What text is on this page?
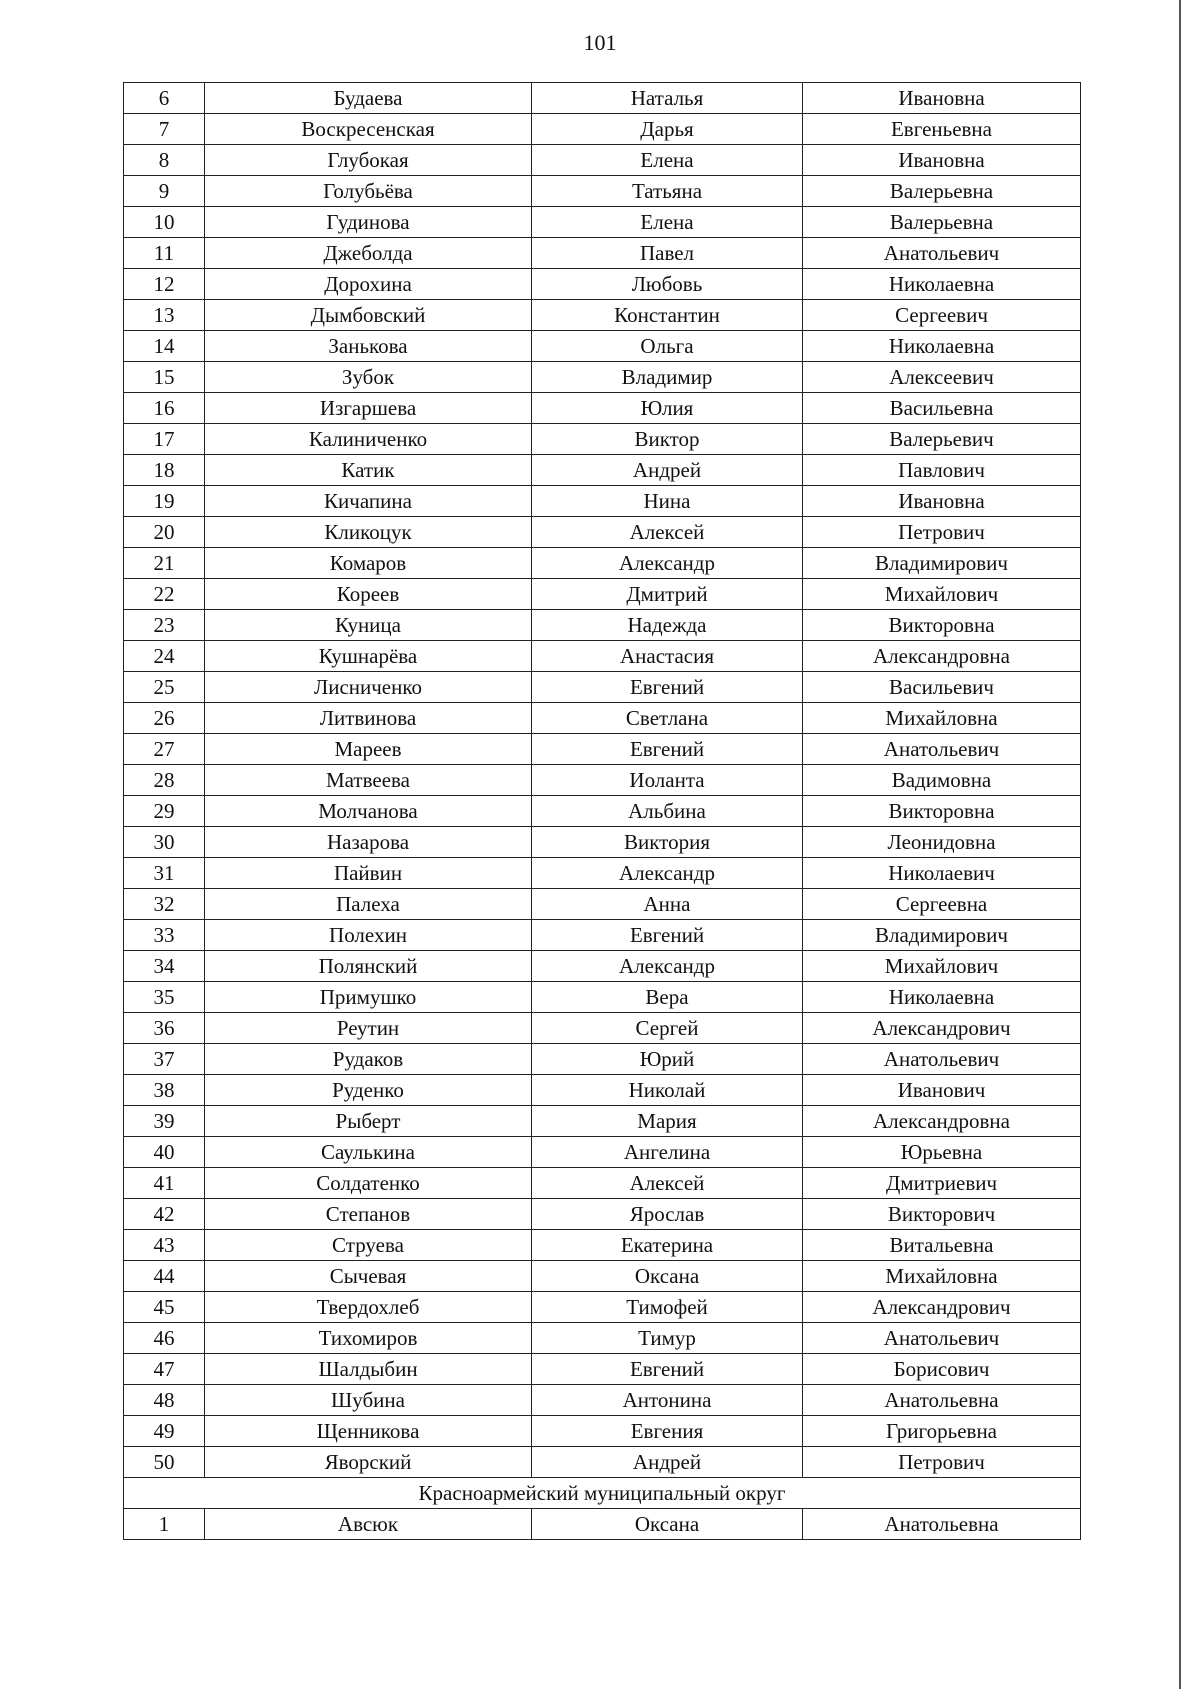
101
6	Будаева	Наталья	Ивановна
7	Воскресенская	Дарья	Евгеньевна
8	Глубокая	Елена	Ивановна
9	Голубьёва	Татьяна	Валерьевна
10	Гудинова	Елена	Валерьевна
11	Джеболда	Павел	Анатольевич
12	Дорохина	Любовь	Николаевна
13	Дымбовский	Константин	Сергеевич
14	Занькова	Ольга	Николаевна
15	Зубок	Владимир	Алексеевич
16	Изгаршева	Юлия	Васильевна
17	Калиниченко	Виктор	Валерьевич
18	Катик	Андрей	Павлович
19	Кичапина	Нина	Ивановна
20	Кликоцук	Алексей	Петрович
21	Комаров	Александр	Владимирович
22	Кореев	Дмитрий	Михайлович
23	Куница	Надежда	Викторовна
24	Кушнарёва	Анастасия	Александровна
25	Лисниченко	Евгений	Васильевич
26	Литвинова	Светлана	Михайловна
27	Мареев	Евгений	Анатольевич
28	Матвеева	Иоланта	Вадимовна
29	Молчанова	Альбина	Викторовна
30	Назарова	Виктория	Леонидовна
31	Пайвин	Александр	Николаевич
32	Палеха	Анна	Сергеевна
33	Полехин	Евгений	Владимирович
34	Полянский	Александр	Михайлович
35	Примушко	Вера	Николаевна
36	Реутин	Сергей	Александрович
37	Рудаков	Юрий	Анатольевич
38	Руденко	Николай	Иванович
39	Рыберт	Мария	Александровна
40	Саулькина	Ангелина	Юрьевна
41	Солдатенко	Алексей	Дмитриевич
42	Степанов	Ярослав	Викторович
43	Струева	Екатерина	Витальевна
44	Сычевая	Оксана	Михайловна
45	Твердохлеб	Тимофей	Александрович
46	Тихомиров	Тимур	Анатольевич
47	Шалдыбин	Евгений	Борисович
48	Шубина	Антонина	Анатольевна
49	Щенникова	Евгения	Григорьевна
50	Яворский	Андрей	Петрович
Красноармейский муниципальный округ			
1	Авсюк	Оксана	Анатольевна
